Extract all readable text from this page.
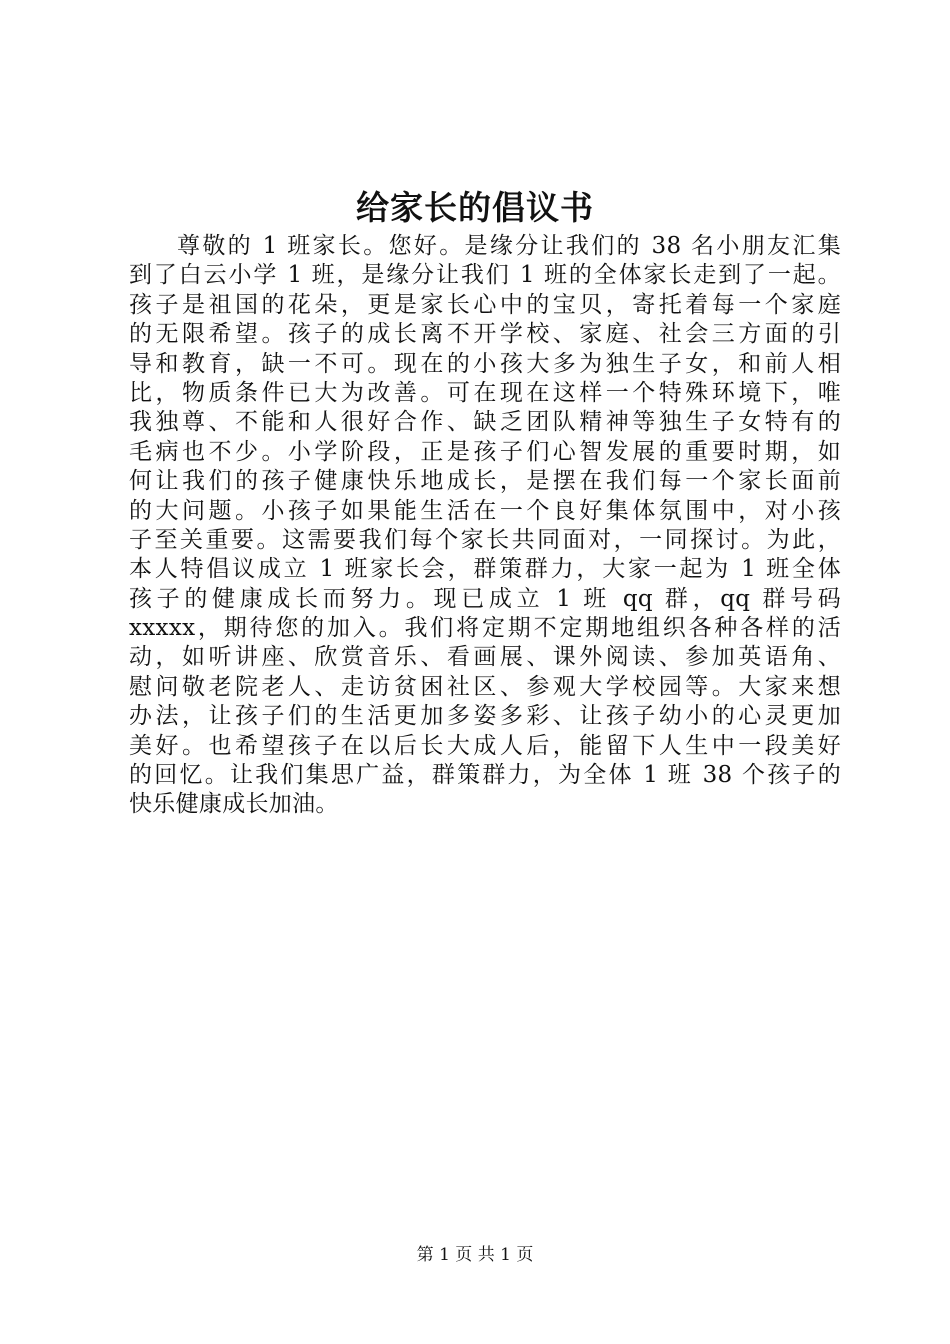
给家长的倡议书
尊敬的 1 班家长。您好。是缘分让我们的 38 名小朋友汇集
到了白云小学 1 班，是缘分让我们 1 班的全体家长走到了一起。
孩子是祖国的花朵，更是家长心中的宝贝，寄托着每一个家庭
的无限希望。孩子的成长离不开学校、家庭、社会三方面的引
导和教育，缺一不可。现在的小孩大多为独生子女，和前人相
比，物质条件已大为改善。可在现在这样一个特殊环境下，唯
我独尊、不能和人很好合作、缺乏团队精神等独生子女特有的
毛病也不少。小学阶段，正是孩子们心智发展的重要时期，如
何让我们的孩子健康快乐地成长，是摆在我们每一个家长面前
的大问题。小孩子如果能生活在一个良好集体氛围中，对小孩
子至关重要。这需要我们每个家长共同面对，一同探讨。为此，
本人特倡议成立 1 班家长会，群策群力，大家一起为 1 班全体
孩子的健康成长而努力。现已成立 1 班 qq 群，qq 群号码
xxxxx，期待您的加入。我们将定期不定期地组织各种各样的活
动，如听讲座、欣赏音乐、看画展、课外阅读、参加英语角、
慰问敬老院老人、走访贫困社区、参观大学校园等。大家来想
办法，让孩子们的生活更加多姿多彩、让孩子幼小的心灵更加
美好。也希望孩子在以后长大成人后，能留下人生中一段美好
的回忆。让我们集思广益，群策群力，为全体 1 班 38 个孩子的
快乐健康成长加油。

第 1 页 共 1 页
